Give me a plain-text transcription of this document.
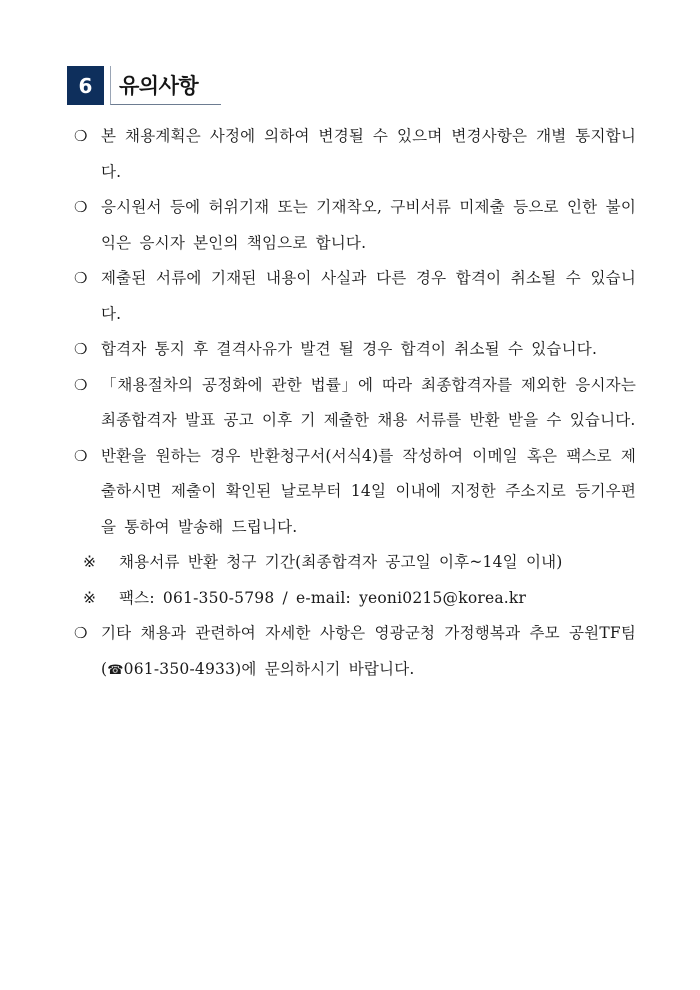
6	유의사항
❍ 본 채용계획은 사정에 의하여 변경될 수 있으며 변경사항은 개별 통지합니다.
❍ 응시원서 등에 허위기재 또는 기재착오, 구비서류 미제출 등으로 인한 불이익은 응시자 본인의 책임으로 합니다.
❍ 제출된 서류에 기재된 내용이 사실과 다른 경우 합격이 취소될 수 있습니다.
❍ 합격자 통지 후 결격사유가 발견 될 경우 합격이 취소될 수 있습니다.
❍ 「채용절차의 공정화에 관한 법률」에 따라 최종합격자를 제외한 응시자는 최종합격자 발표 공고 이후 기 제출한 채용 서류를 반환 받을 수 있습니다.
❍ 반환을 원하는 경우 반환청구서(서식4)를 작성하여 이메일 혹은 팩스로 제출하시면 제출이 확인된 날로부터 14일 이내에 지정한 주소지로 등기우편을 통하여 발송해 드립니다.
※ 채용서류 반환 청구 기간(최종합격자 공고일 이후~14일 이내)
※ 팩스: 061-350-5798 / e-mail: yeoni0215@korea.kr
❍ 기타 채용과 관련하여 자세한 사항은 영광군청 가정행복과 추모 공원TF팀(☎061-350-4933)에 문의하시기 바랍니다.
